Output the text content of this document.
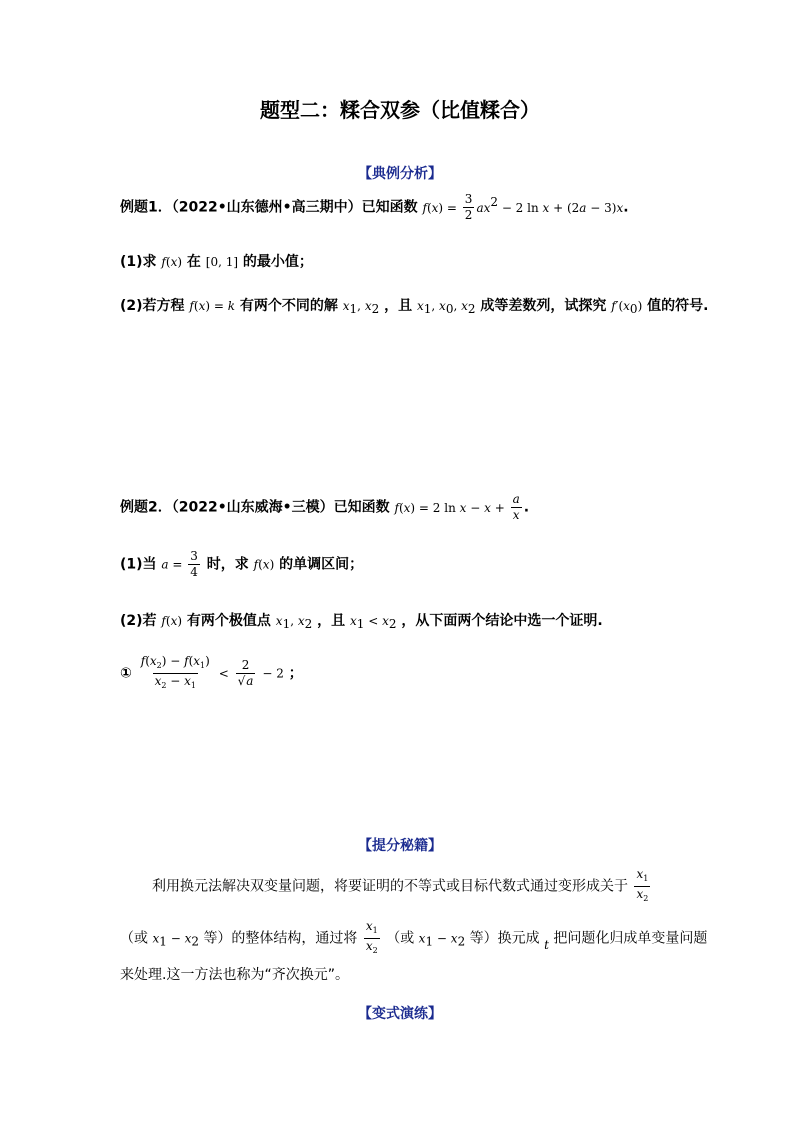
题型二：糅合双参（比值糅合）
【典例分析】
例题1．（2022•山东德州•高三期中）已知函数 $f(x) = \frac{3}{2} ax^2 - 2$ ln x + (2a − 3)x.
(1)求 f(x) 在 [0, 1] 的最小值；
(2)若方程 f(x) = k 有两个不同的解 $x_1$, $x_2$ ，且 $x_1$, $x_0$, $x_2$ 成等差数列，试探究 $f'(x_0)$ 值的符号.
例题2．（2022•山东威海•三模）已知函数 f(x) = 2 $\ln x - x + \frac{a}{x}$ .
(1)当 $a = \frac{3}{4}$ 时，求 f(x) 的单调区间；
(2)若 f(x) 有两个极值点 $x_1$, $x_2$ ，且 $x_1 < x_2$ ，从下面两个结论中选一个证明.
① $\frac{f(x_2) - f(x_1)}{x_2 - x_1} < \frac{2}{√a} - 2$ ；
【提分秘籍】
利用换元法解决双变量问题，将要证明的不等式或目标代数式通过变形成关于 $\frac{x_1}{x_2}$
（或 $x_1 - x_2$ 等）的整体结构，通过将 $\frac{x_1}{x_2}$ （或 $x_1 - x_2$ 等）换元成 t 把问题化归成单变量问题
来处理.这一方法也称为“齐次换元”。
【变式演练】
